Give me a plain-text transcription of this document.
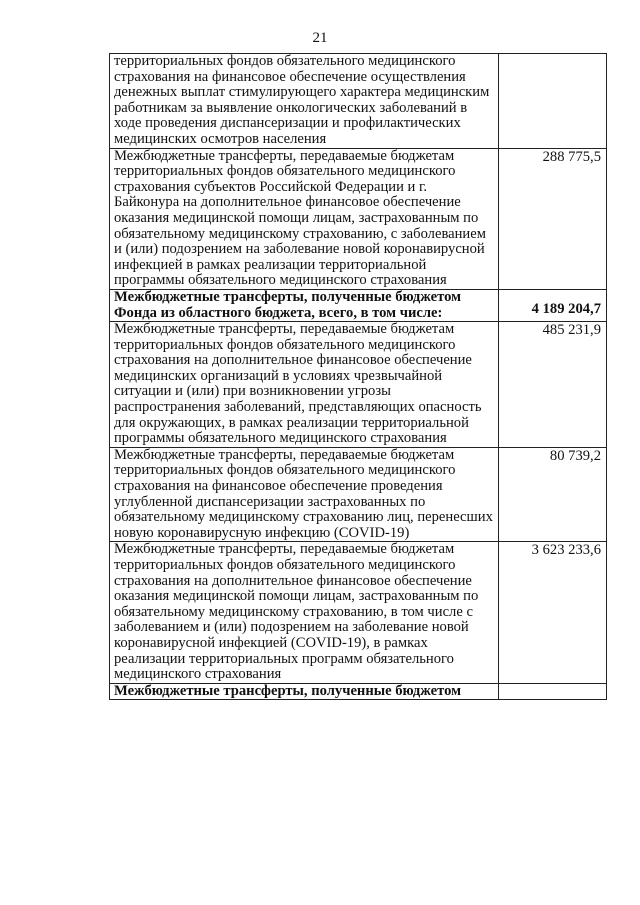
21
территориальных фондов обязательного медицинского страхования на финансовое обеспечение осуществления денежных выплат стимулирующего характера медицинским работникам за выявление онкологических заболеваний в ходе проведения диспансеризации и профилактических медицинских осмотров населения	
Межбюджетные трансферты, передаваемые бюджетам территориальных фондов обязательного медицинского страхования субъектов Российской Федерации и г. Байконура на дополнительное финансовое обеспечение оказания медицинской помощи лицам, застрахованным по обязательному медицинскому страхованию, с заболеванием и (или) подозрением на заболевание новой коронавирусной инфекцией в рамках реализации территориальной программы обязательного медицинского страхования	288 775,5
Межбюджетные трансферты, полученные бюджетом Фонда из областного бюджета, всего, в том числе:	4 189 204,7
Межбюджетные трансферты, передаваемые бюджетам территориальных фондов обязательного медицинского страхования на дополнительное финансовое обеспечение медицинских организаций в условиях чрезвычайной ситуации и (или) при возникновении угрозы распространения заболеваний, представляющих опасность для окружающих, в рамках реализации территориальной программы обязательного медицинского страхования	485 231,9
Межбюджетные трансферты, передаваемые бюджетам территориальных фондов обязательного медицинского страхования на финансовое обеспечение проведения углубленной диспансеризации застрахованных по обязательному медицинскому страхованию лиц, перенесших новую коронавирусную инфекцию (COVID-19)	80 739,2
Межбюджетные трансферты, передаваемые бюджетам территориальных фондов обязательного медицинского страхования на дополнительное финансовое обеспечение оказания медицинской помощи лицам, застрахованным по обязательному медицинскому страхованию, в том числе с заболеванием и (или) подозрением на заболевание новой коронавирусной инфекцией (COVID-19), в рамках реализации территориальных программ обязательного медицинского страхования	3 623 233,6
Межбюджетные трансферты, полученные бюджетом	
